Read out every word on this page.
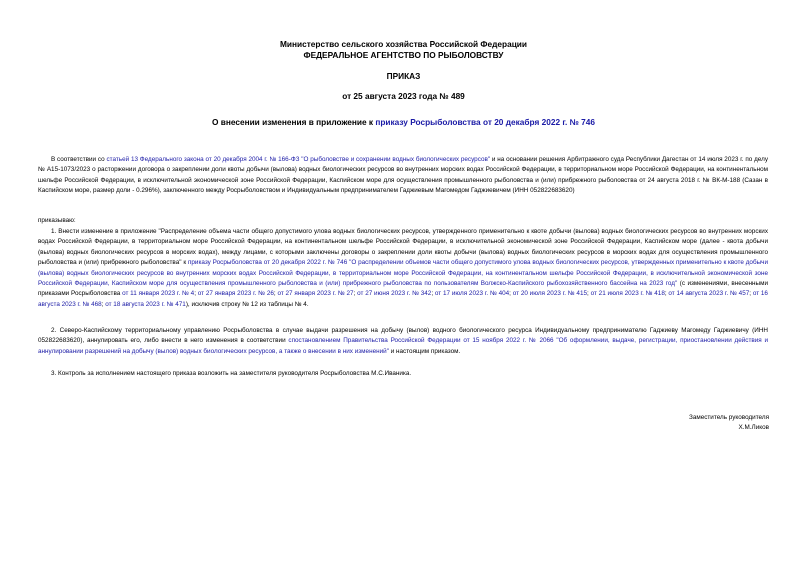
Министерство сельского хозяйства Российской Федерации
ФЕДЕРАЛЬНОЕ АГЕНТСТВО ПО РЫБОЛОВСТВУ
ПРИКАЗ
от 25 августа 2023 года № 489
О внесении изменения в приложение к приказу Росрыболовства от 20 декабря 2022 г. № 746

В соответствии со статьей 13 Федерального закона от 20 декабря 2004 г. № 166-ФЗ "О рыболовстве и сохранении водных биологических ресурсов" и на основании решения Арбитражного суда Республики Дагестан от 14 июля 2023 г. по делу № А15-1073/2023 о расторжении договора о закреплении доли квоты добычи (вылова) водных биологических ресурсов во внутренних морских водах Российской Федерации, в территориальном море Российской Федерации, на континентальном шельфе Российской Федерации, в исключительной экономической зоне Российской Федерации, Каспийском море для осуществления промышленного рыболовства и (или) прибрежного рыболовства от 24 августа 2018 г. № ВК-М-188 (Сазан в Каспийском море, размер доли - 0.296%), заключенного между Росрыболовством и Индивидуальным предпринимателем Гаджиевым Магомедом Гаджиевичем (ИНН 052822683620)

приказываю:

1. Внести изменение в приложение "Распределение объема части общего допустимого улова водных биологических ресурсов, утвержденного применительно к квоте добычи (вылова) водных биологических ресурсов во внутренних морских водах Российской Федерации, в территориальном море Российской Федерации, на континентальном шельфе Российской Федерации, в исключительной экономической зоне Российской Федерации, Каспийском море (далее - квота добычи (вылова) водных биологических ресурсов в морских водах), между лицами, с которыми заключены договоры о закреплении доли квоты добычи (вылова) водных биологических ресурсов в морских водах для осуществления промышленного рыболовства и (или) прибрежного рыболовства" к приказу Росрыболовства от 20 декабря 2022 г. № 746 "О распределении объемов части общего допустимого улова водных биологических ресурсов, утвержденных применительно к квоте добычи (вылова) водных биологических ресурсов во внутренних морских водах Российской Федерации, в территориальном море Российской Федерации, на континентальном шельфе Российской Федерации, в исключительной экономической зоне Российской Федерации, Каспийском море для осуществления промышленного рыболовства и (или) прибрежного рыболовства по пользователям Волжско-Каспийского рыбохозяйственного бассейна на 2023 год" (с изменениями, внесенными приказами Росрыболовства от 11 января 2023 г. № 4; от 27 января 2023 г. № 26; от 27 января 2023 г. № 27; от 27 июня 2023 г. № 342; от 17 июля 2023 г. № 404; от 20 июля 2023 г. № 415; от 21 июля 2023 г. № 418; от 14 августа 2023 г. № 457; от 16 августа 2023 г. № 468; от 18 августа 2023 г. № 471), исключив строку № 12 из таблицы № 4.

2. Северо-Каспийскому территориальному управлению Росрыболовства в случае выдачи разрешения на добычу (вылов) водного биологического ресурса Индивидуальному предпринимателю Гаджиеву Магомеду Гаджиевичу (ИНН 052822683620), аннулировать его, либо внести в него изменения в соответствии спостановлением Правительства Российской Федерации от 15 ноября 2022 г. № 2066 "Об оформлении, выдаче, регистрации, приостановлении действия и аннулировании разрешений на добычу (вылов) водных биологических ресурсов, а также о внесении в них изменений" и настоящим приказом.

3. Контроль за исполнением настоящего приказа возложить на заместителя руководителя Росрыболовства М.С.Иваника.

Заместитель руководителя
Х.М.Ликов
